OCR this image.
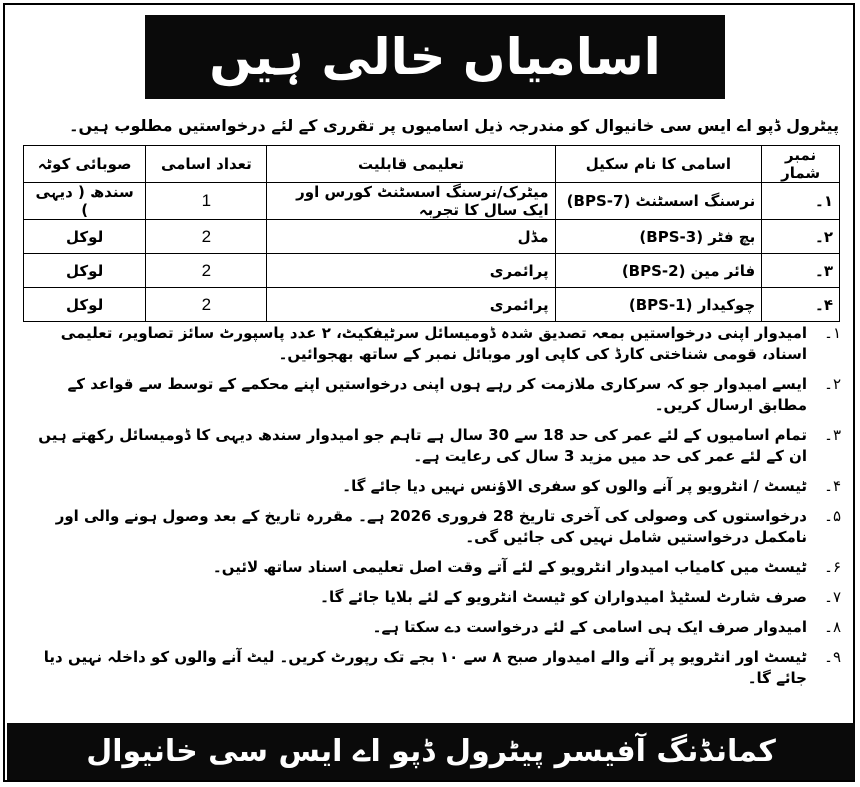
اسامیاں خالی ہیں
پیٹرول ڈپو اے ایس سی خانیوال کو مندرجہ ذیل اسامیوں پر تقرری کے لئے درخواستیں مطلوب ہیں۔
نمبر شمار	اسامی کا نام سکیل	تعلیمی قابلیت	تعداد اسامی	صوبائی کوٹہ
۱۔	نرسنگ اسسٹنٹ (BPS-7)	میٹرک/نرسنگ اسسٹنٹ کورس اور ایک سال کا تجربہ	1	سندھ ( دیہی )
۲۔	بچ فٹر (BPS-3)	مڈل	2	لوکل
۳۔	فائر مین (BPS-2)	پرائمری	2	لوکل
۴۔	چوکیدار (BPS-1)	پرائمری	2	لوکل
۱۔
امیدوار اپنی درخواستیں بمعہ تصدیق شدہ ڈومیسائل سرٹیفکیٹ، ۲ عدد پاسپورٹ سائز تصاویر، تعلیمی اسناد، قومی شناختی کارڈ کی کاپی اور موبائل نمبر کے ساتھ بھجوائیں۔
۲۔
ایسے امیدوار جو کہ سرکاری ملازمت کر رہے ہوں اپنی درخواستیں اپنے محکمے کے توسط سے قواعد کے مطابق ارسال کریں۔
۳۔
تمام اسامیوں کے لئے عمر کی حد 18 سے 30 سال ہے تاہم جو امیدوار سندھ دیہی کا ڈومیسائل رکھتے ہیں ان کے لئے عمر کی حد میں مزید 3 سال کی رعایت ہے۔
۴۔
ٹیسٹ / انٹرویو پر آنے والوں کو سفری الاؤنس نہیں دیا جائے گا۔
۵۔
درخواستوں کی وصولی کی آخری تاریخ 28 فروری 2026 ہے۔ مقررہ تاریخ کے بعد وصول ہونے والی اور نامکمل درخواستیں شامل نہیں کی جائیں گی۔
۶۔
ٹیسٹ میں کامیاب امیدوار انٹرویو کے لئے آتے وقت اصل تعلیمی اسناد ساتھ لائیں۔
۷۔
صرف شارٹ لسٹیڈ امیدواران کو ٹیسٹ انٹرویو کے لئے بلایا جائے گا۔
۸۔
امیدوار صرف ایک ہی اسامی کے لئے درخواست دے سکتا ہے۔
۹۔
ٹیسٹ اور انٹرویو پر آنے والے امیدوار صبح ۸ سے ۱۰ بجے تک رپورٹ کریں۔ لیٹ آنے والوں کو داخلہ نہیں دیا جائے گا۔
کمانڈنگ آفیسر پیٹرول ڈپو اے ایس سی خانیوال
